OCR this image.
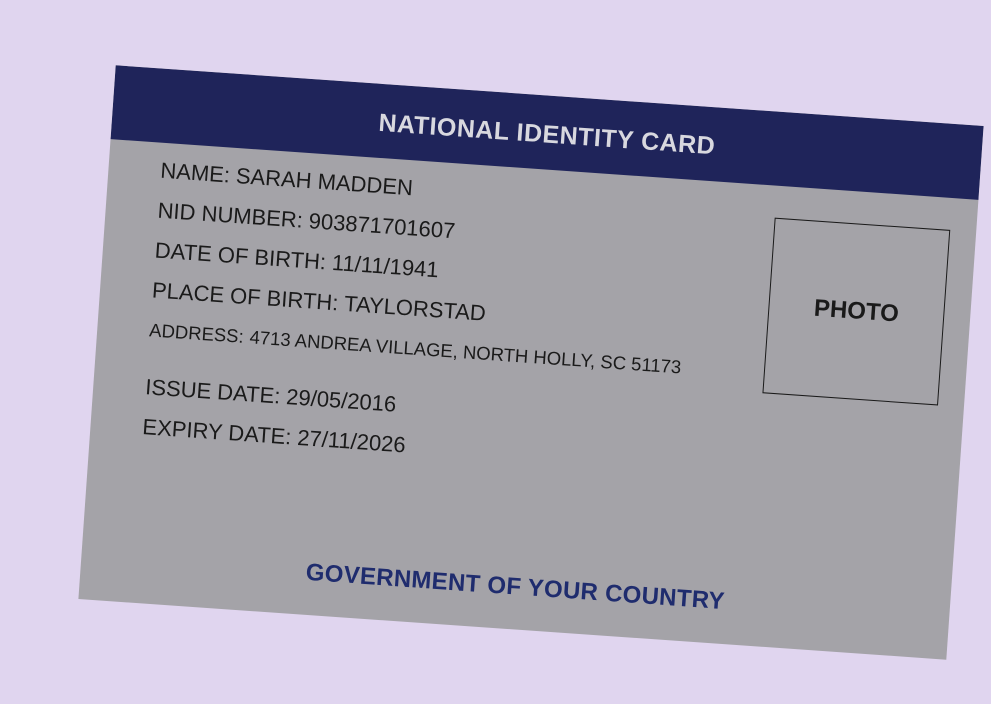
NATIONAL IDENTITY CARD
NAME: SARAH MADDEN
NID NUMBER: 903871701607
DATE OF BIRTH: 11/11/1941
PLACE OF BIRTH: TAYLORSTAD
ADDRESS: 4713 ANDREA VILLAGE, NORTH HOLLY, SC 51173
ISSUE DATE: 29/05/2016
EXPIRY DATE: 27/11/2026
PHOTO
GOVERNMENT OF YOUR COUNTRY
